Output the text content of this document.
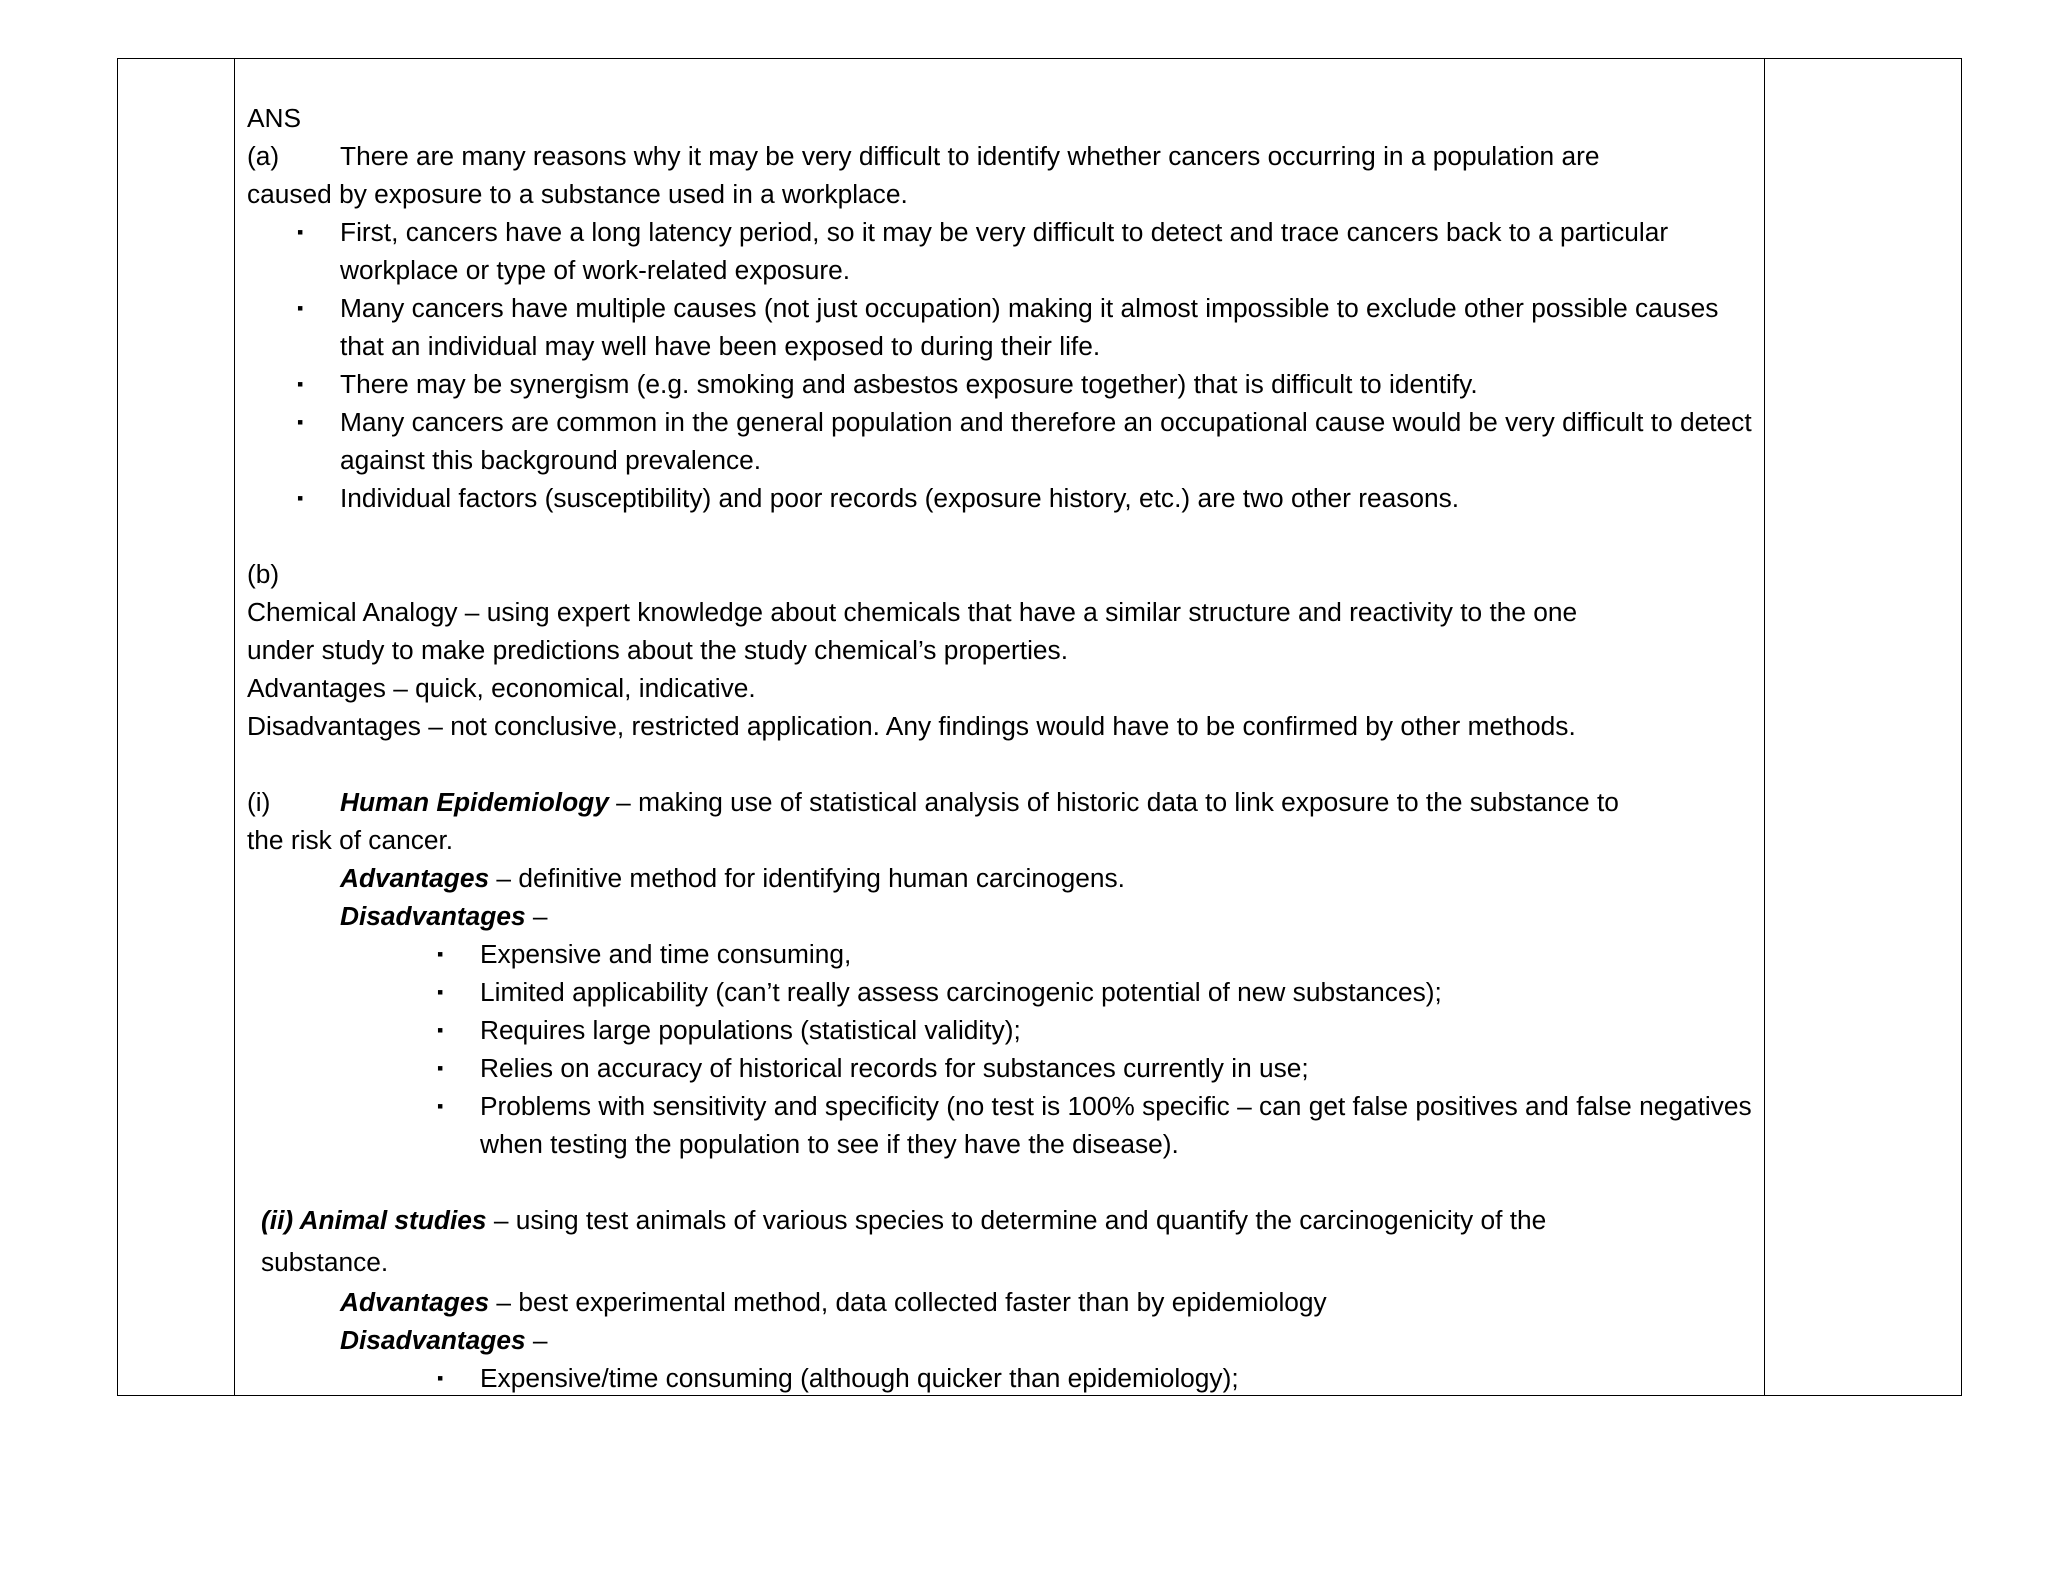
ANS
(a)	There are many reasons why it may be very difficult to identify whether cancers occurring in a population are
caused by exposure to a substance used in a workplace.
▪	First, cancers have a long latency period, so it may be very difficult to detect and trace cancers back to a particular workplace or type of work-related exposure.
▪	Many cancers have multiple causes (not just occupation) making it almost impossible to exclude other possible causes that an individual may well have been exposed to during their life.
▪	There may be synergism (e.g. smoking and asbestos exposure together) that is difficult to identify.
▪	Many cancers are common in the general population and therefore an occupational cause would be very difficult to detect against this background prevalence.
▪	Individual factors (susceptibility) and poor records (exposure history, etc.) are two other reasons.
(b)
Chemical Analogy – using expert knowledge about chemicals that have a similar structure and reactivity to the one
under study to make predictions about the study chemical’s properties.
Advantages – quick, economical, indicative.
Disadvantages – not conclusive, restricted application. Any findings would have to be confirmed by other methods.
(i)	Human Epidemiology – making use of statistical analysis of historic data to link exposure to the substance to
the risk of cancer.
Advantages – definitive method for identifying human carcinogens.
Disadvantages –
▪	Expensive and time consuming,
▪	Limited applicability (can’t really assess carcinogenic potential of new substances);
▪	Requires large populations (statistical validity);
▪	Relies on accuracy of historical records for substances currently in use;
▪	Problems with sensitivity and specificity (no test is 100% specific – can get false positives and false negatives when testing the population to see if they have the disease).
(ii) Animal studies – using test animals of various species to determine and quantify the carcinogenicity of the
substance.
Advantages – best experimental method, data collected faster than by epidemiology
Disadvantages –
▪	Expensive/time consuming (although quicker than epidemiology);
